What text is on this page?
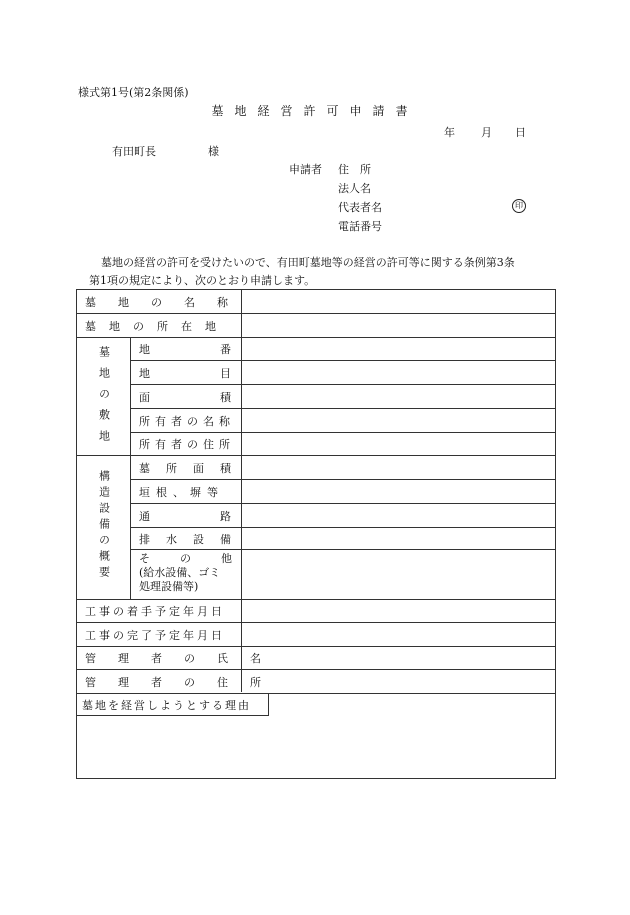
様式第1号(第2条関係)
墓地経営許可申請書
年 月 日
有田町長	様
申請者 住　所
法人名
代表者名
電話番号
印
墓地の経営の許可を受けたいので、有田町墓地等の経営の許可等に関する条例第3条
第1項の規定により、次のとおり申請します。
墓地の名称
墓地の所在地
墓地の敷地	地番
地目
面積
所有者の名称
所有者の住所
構造設備の概要
墓所面積
垣根、塀等
通路
排水設備
その他
(給水設備、ゴミ
処理設備等)
工事の着手予定年月日
工事の完了予定年月日
管理者の氏名
管理者の住所
墓地を経営しようとする理由
